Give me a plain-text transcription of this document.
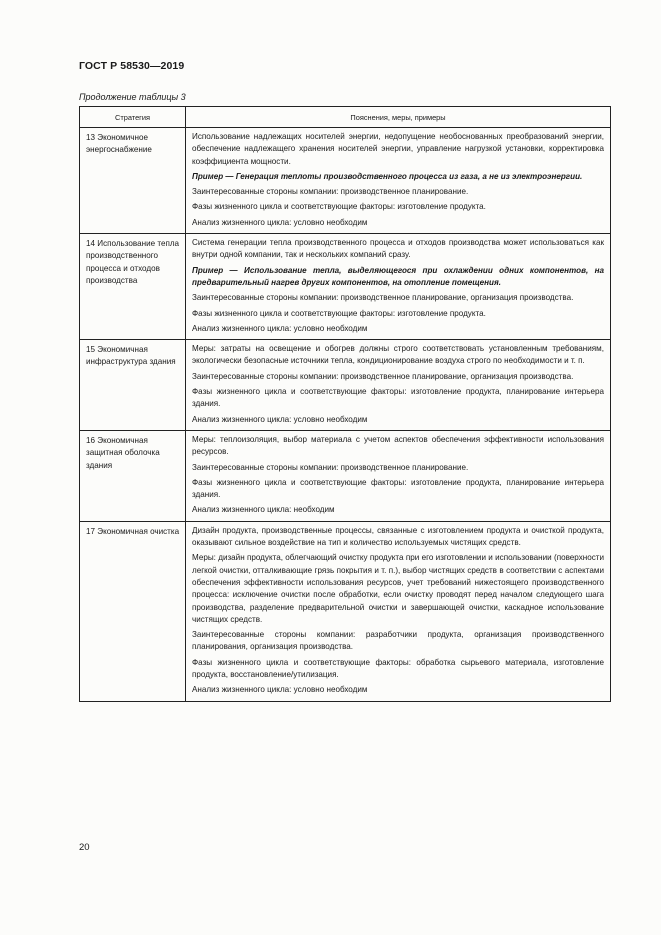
ГОСТ Р 58530—2019
Продолжение таблицы 3
Стратегия	Пояснения, меры, примеры
13 Экономичное энергоснабжение	Использование надлежащих носителей энергии, недопущение необоснованных преобразований энергии, обеспечение надлежащего хранения носителей энергии, управление нагрузкой установки, корректировка коэффициента мощности.
Пример — Генерация теплоты производственного процесса из газа, а не из электроэнергии.
Заинтересованные стороны компании: производственное планирование.
Фазы жизненного цикла и соответствующие факторы: изготовление продукта.
Анализ жизненного цикла: условно необходим

14 Использование тепла производственного процесса и отходов производства	Система генерации тепла производственного процесса и отходов производства может использоваться как внутри одной компании, так и нескольких компаний сразу.
Пример — Использование тепла, выделяющегося при охлаждении одних компонентов, на предварительный нагрев других компонентов, на отопление помещения.
Заинтересованные стороны компании: производственное планирование, организация производства.
Фазы жизненного цикла и соответствующие факторы: изготовление продукта.
Анализ жизненного цикла: условно необходим

15 Экономичная инфраструктура здания	Меры: затраты на освещение и обогрев должны строго соответствовать установленным требованиям, экологически безопасные источники тепла, кондиционирование воздуха строго по необходимости и т. п.
Заинтересованные стороны компании: производственное планирование, организация производства.
Фазы жизненного цикла и соответствующие факторы: изготовление продукта, планирование интерьера здания.
Анализ жизненного цикла: условно необходим

16 Экономичная защитная оболочка здания	Меры: теплоизоляция, выбор материала с учетом аспектов обеспечения эффективности использования ресурсов.
Заинтересованные стороны компании: производственное планирование.
Фазы жизненного цикла и соответствующие факторы: изготовление продукта, планирование интерьера здания.
Анализ жизненного цикла: необходим

17 Экономичная очистка	Дизайн продукта, производственные процессы, связанные с изготовлением продукта и очисткой продукта, оказывают сильное воздействие на тип и количество используемых чистящих средств.
Меры: дизайн продукта, облегчающий очистку продукта при его изготовлении и использовании (поверхности легкой очистки, отталкивающие грязь покрытия и т. п.), выбор чистящих средств в соответствии с аспектами обеспечения эффективности использования ресурсов, учет требований нижестоящего производственного процесса: исключение очистки после обработки, если очистку проводят перед началом следующего шага производства, разделение предварительной очистки и завершающей очистки, каскадное использование чистящих средств.
Заинтересованные стороны компании: разработчики продукта, организация производственного планирования, организация производства.
Фазы жизненного цикла и соответствующие факторы: обработка сырьевого материала, изготовление продукта, восстановление/утилизация.
Анализ жизненного цикла: условно необходим
20
